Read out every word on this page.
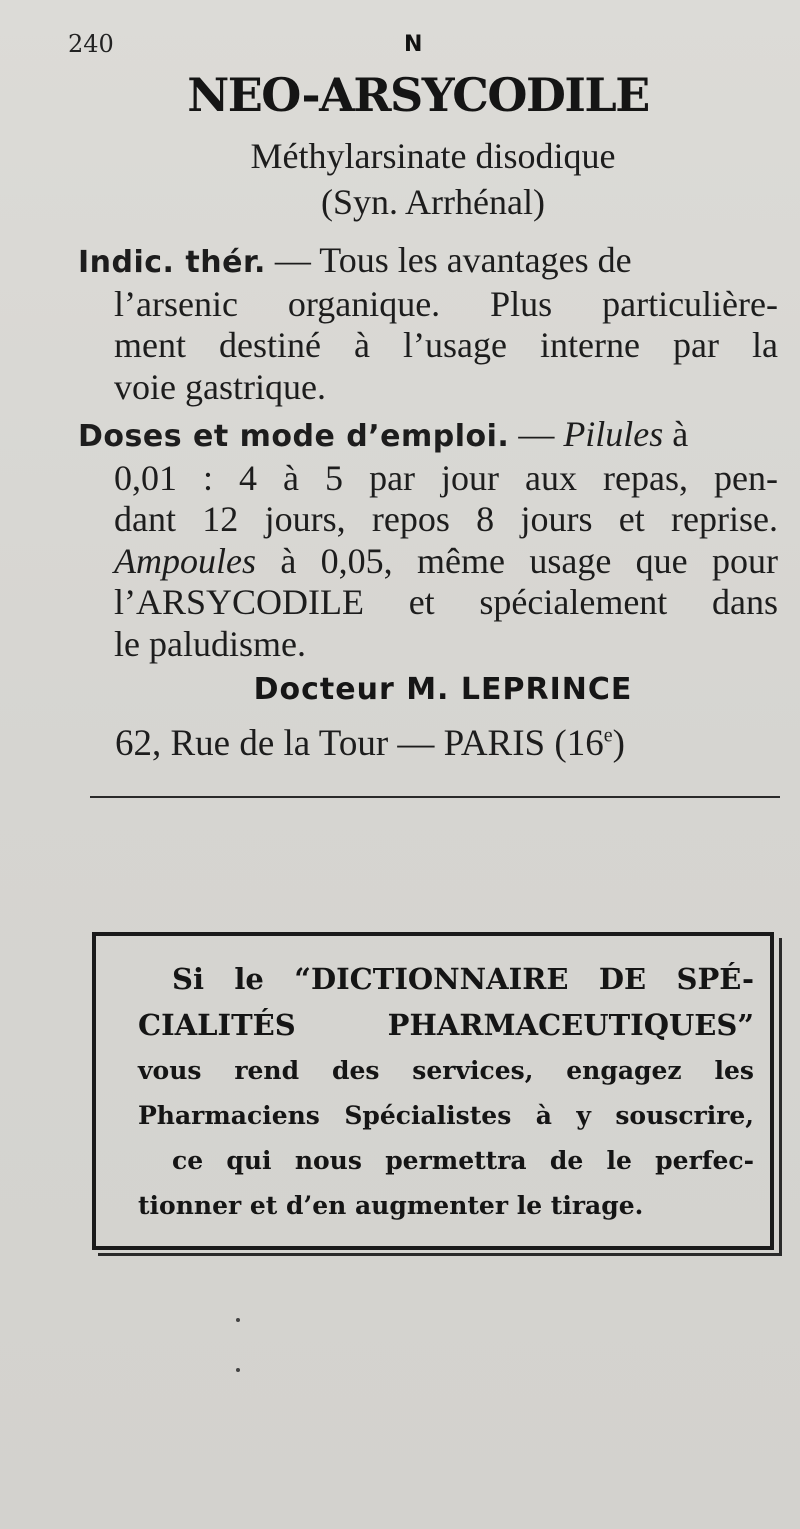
240	N
NEO-ARSYCODILE
Méthylarsinate disodique
(Syn. Arrhénal)
Indic. thér. — Tous les avantages de
l’arsenic organique. Plus particulière-
ment destiné à l’usage interne par la
voie gastrique.
Doses et mode d’emploi. — Pilules à
0,01 : 4 à 5 par jour aux repas, pen-
dant 12 jours, repos 8 jours et reprise.
Ampoules à 0,05, même usage que pour
l’ARSYCODILE et spécialement dans
le paludisme.
Docteur M. LEPRINCE
62, Rue de la Tour — PARIS (16e)
Si le “DICTIONNAIRE DE SPÉ-
CIALITÉS PHARMACEUTIQUES”
vous rend des services, engagez les
Pharmaciens Spécialistes à y souscrire,
ce qui nous permettra de le perfec-
tionner et d’en augmenter le tirage.
